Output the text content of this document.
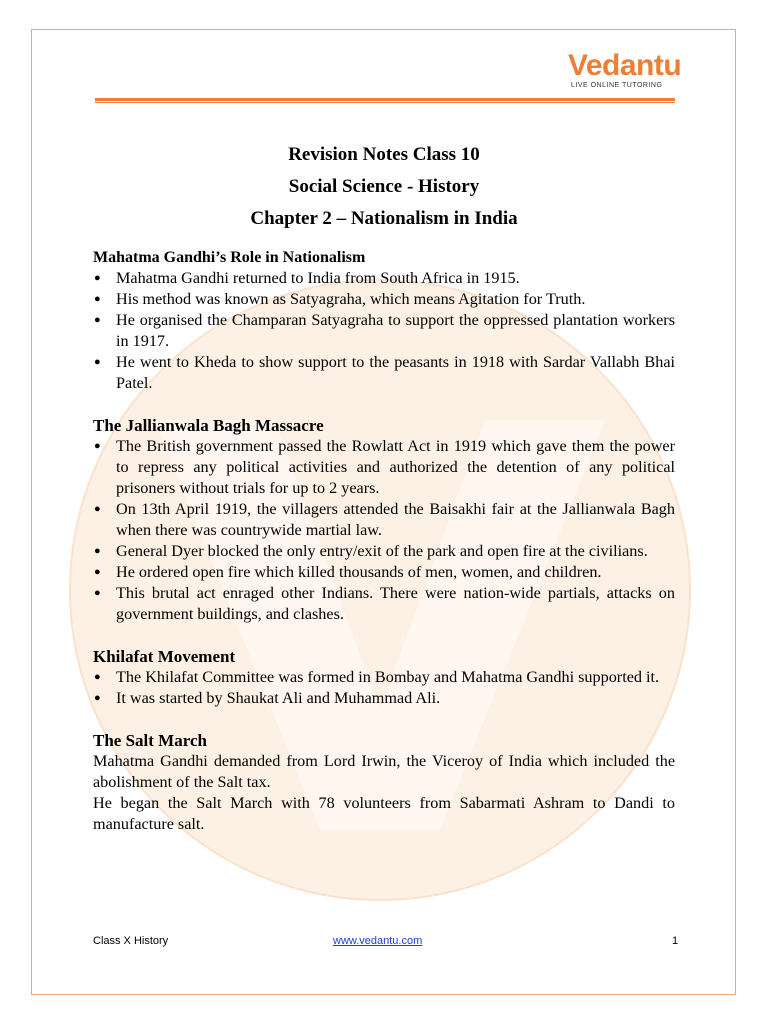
Vedantu
LIVE ONLINE TUTORING
Revision Notes Class 10
Social Science - History
Chapter 2 – Nationalism in India
Mahatma Gandhi’s Role in Nationalism
● Mahatma Gandhi returned to India from South Africa in 1915.
● His method was known as Satyagraha, which means Agitation for Truth.
● He organised the Champaran Satyagraha to support the oppressed plantation workers in 1917.
● He went to Kheda to show support to the peasants in 1918 with Sardar Vallabh Bhai Patel.
The Jallianwala Bagh Massacre
● The British government passed the Rowlatt Act in 1919 which gave them the power to repress any political activities and authorized the detention of any political prisoners without trials for up to 2 years.
● On 13th April 1919, the villagers attended the Baisakhi fair at the Jallianwala Bagh when there was countrywide martial law.
● General Dyer blocked the only entry/exit of the park and open fire at the civilians.
● He ordered open fire which killed thousands of men, women, and children.
● This brutal act enraged other Indians. There were nation-wide partials, attacks on government buildings, and clashes.
Khilafat Movement
● The Khilafat Committee was formed in Bombay and Mahatma Gandhi supported it.
● It was started by Shaukat Ali and Muhammad Ali.
The Salt March
Mahatma Gandhi demanded from Lord Irwin, the Viceroy of India which included the abolishment of the Salt tax.
He began the Salt March with 78 volunteers from Sabarmati Ashram to Dandi to manufacture salt.
Class X History	www.vedantu.com	1
